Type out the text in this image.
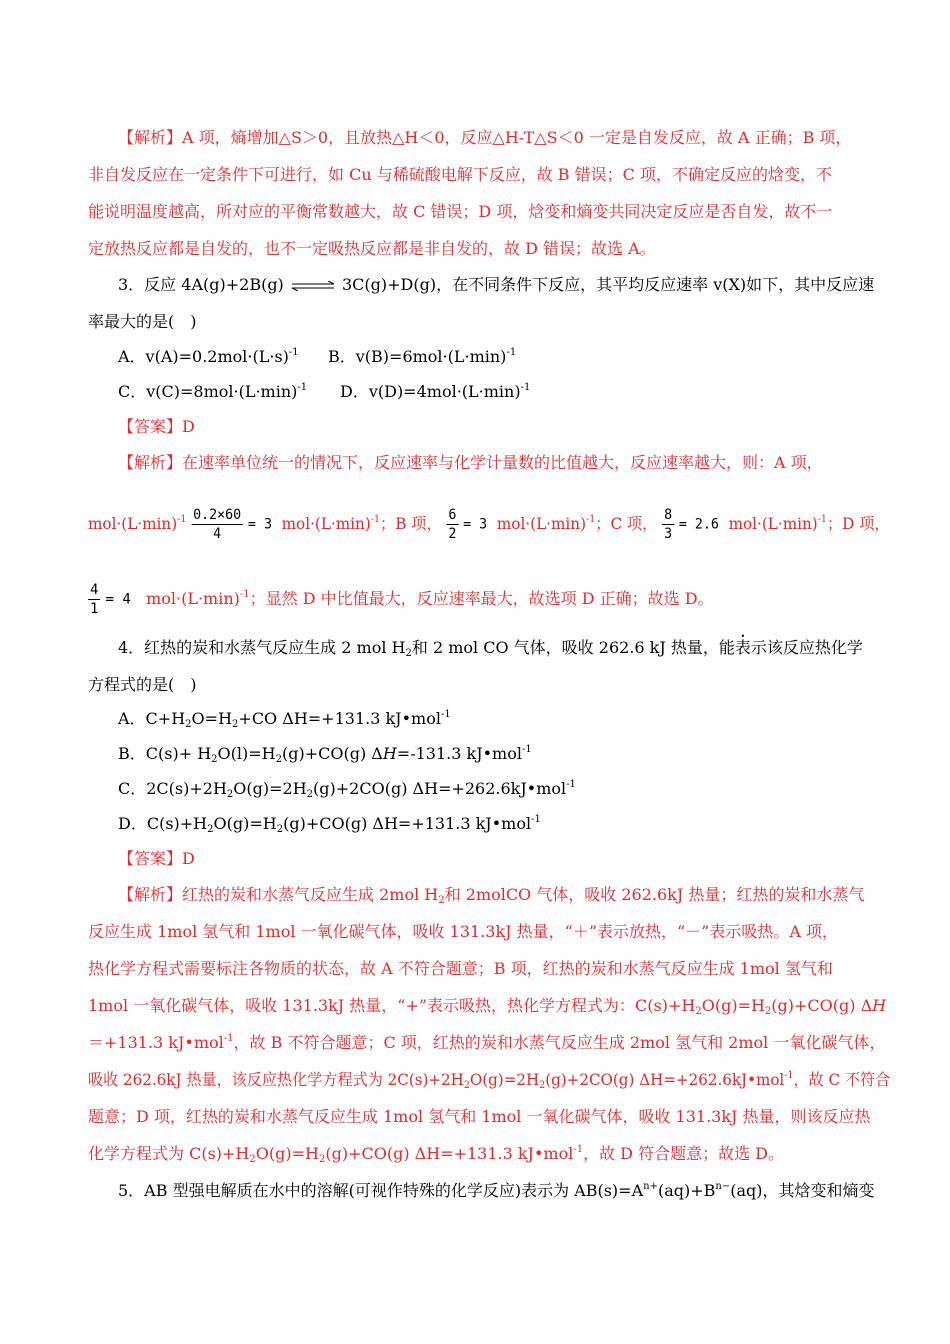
【解析】A 项，熵增加△S＞0，且放热△H＜0，反应△H-T△S＜0 一定是自发反应，故 A 正确；B 项，
非自发反应在一定条件下可进行，如 Cu 与稀硫酸电解下反应，故 B 错误；C 项，不确定反应的焓变，不
能说明温度越高，所对应的平衡常数越大，故 C 错误；D 项，焓变和熵变共同决定反应是否自发，故不一
定放热反应都是自发的，也不一定吸热反应都是非自发的，故 D 错误；故选 A。
3．反应 4A(g)+2B(g) ⇌ 3C(g)+D(g)，在不同条件下反应，其平均反应速率 v(X)如下，其中反应速
率最大的是(　)
A．$v(A)=0.2mol\cdot(L\cdot s)^{-1}$ B．$v(B)=6mol\cdot(L\cdot\min)^{-1}$
C．$v(C)=8mol\cdot(L\cdot\min)^{-1}$ D．$v(D)=4mol\cdot(L\cdot\min)^{-1}$
【答案】D
【解析】在速率单位统一的情况下，反应速率与化学计量数的比值越大，反应速率越大，则：A 项，
$mol\cdot(L\cdot\min)^{-1} \frac{0.2\times 60}{4} = 3$ $mol\cdot(L\cdot\min)^{-1}$；B 项， $\frac{6}{2} = 3$ $mol\cdot(L\cdot\min)^{-1}$；C 项， $\frac{8}{3} = 2.6$ $mol\cdot(L\cdot\min)^{-1}$；D 项，
$\frac{4}{1} = 4$ $mol\cdot(L\cdot\min)^{-1}$；显然 D 中比值最大，反应速率最大，故选项 D 正确；故选 D。
4．红热的炭和水蒸气反应生成 2 mol $H_2$和 2 mol CO 气体，吸收 262.6 kJ 热量，能表示该反应热化学
方程式的是(　)
A．$C+H_2O=H_2+CO$ ΔH=+131.3 kJ•mol$^{-1}$
B．$C(s)+ H_2O(l)=H_2(g)+CO(g)$ ΔH=-131.3 kJ•mol$^{-1}$
C．$2C(s)+2H_2O(g)=2H_2(g)+2CO(g)$ ΔH=+262.6kJ•mol$^{-1}$
D．$C(s)+H_2O(g)=H_2(g)+CO(g)$ ΔH=+131.3 kJ•mol$^{-1}$
【答案】D
【解析】红热的炭和水蒸气反应生成 2mol $H_2$和 2molCO 气体，吸收 262.6kJ 热量；红热的炭和水蒸气
反应生成 1mol 氢气和 1mol 一氧化碳气体，吸收 131.3kJ 热量，“＋”表示放热，“－”表示吸热。A 项，
热化学方程式需要标注各物质的状态，故 A 不符合题意；B 项，红热的炭和水蒸气反应生成 1mol 氢气和
1mol 一氧化碳气体，吸收 131.3kJ 热量，“+”表示吸热，热化学方程式为：$C(s)+H_2O(g)=H_2(g)+CO(g)$ ΔH
＝+131.3 kJ•mol$^{-1}$，故 B 不符合题意；C 项，红热的炭和水蒸气反应生成 2mol 氢气和 2mol 一氧化碳气体，
吸收 262.6kJ 热量，该反应热化学方程式为 $2C(s)+2H_2O(g)=2H_2(g)+2CO(g)$ ΔH=+262.6kJ•mol$^{-1}$，故 C 不符合
题意；D 项，红热的炭和水蒸气反应生成 1mol 氢气和 1mol 一氧化碳气体，吸收 131.3kJ 热量，则该反应热
化学方程式为 $C(s)+H_2O(g)=H_2(g)+CO(g)$ ΔH=+131.3 kJ•mol$^{-1}$，故 D 符合题意；故选 D。
5．AB 型强电解质在水中的溶解(可视作特殊的化学反应)表示为 $AB(s)=A^{n+}(aq)+B^{n-}(aq)$，其焓变和熵变
